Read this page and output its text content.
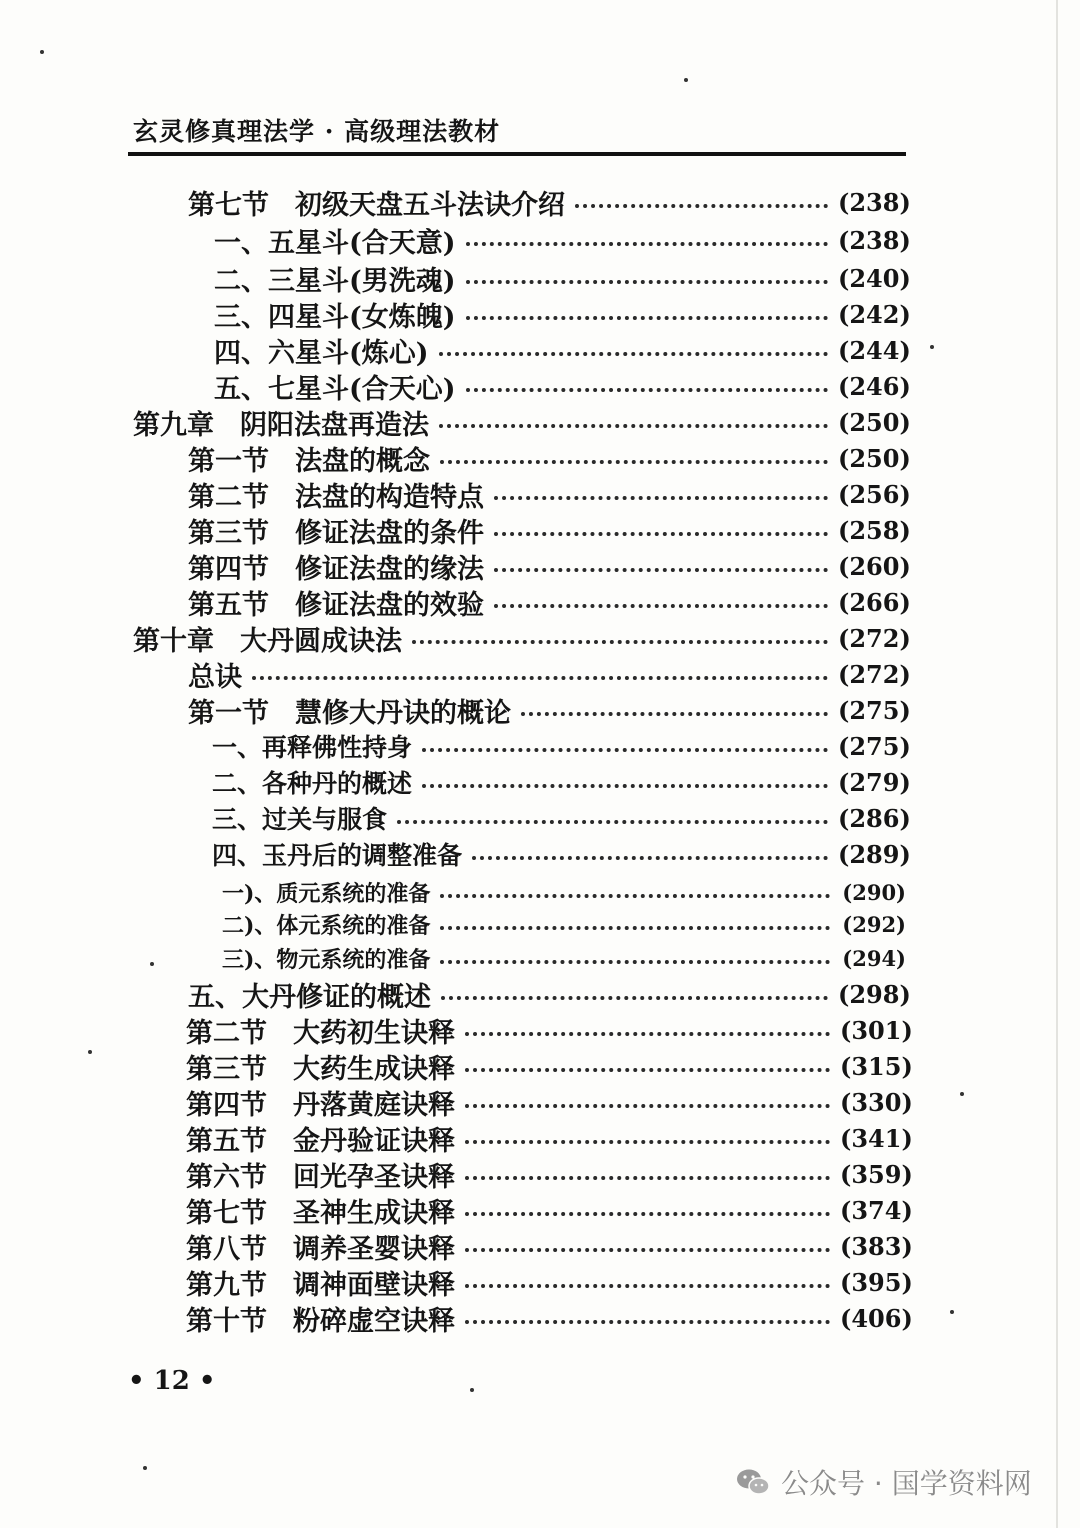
玄灵修真理法学 · 高级理法教材
第七节 初级天盘五斗法诀介绍	(238)
一、五星斗(合天意)	(238)
二、三星斗(男洗魂)	(240)
三、四星斗(女炼魄)	(242)
四、六星斗(炼心)	(244)
五、七星斗(合天心)	(246)
第九章 阴阳法盘再造法	(250)
第一节 法盘的概念	(250)
第二节 法盘的构造特点	(256)
第三节 修证法盘的条件	(258)
第四节 修证法盘的缘法	(260)
第五节 修证法盘的效验	(266)
第十章 大丹圆成诀法	(272)
总诀	(272)
第一节 慧修大丹诀的概论	(275)
一、再释佛性持身	(275)
二、各种丹的概述	(279)
三、过关与服食	(286)
四、玉丹后的调整准备	(289)
一)、质元系统的准备	(290)
二)、体元系统的准备	(292)
三)、物元系统的准备	(294)
五、大丹修证的概述	(298)
第二节 大药初生诀释	(301)
第三节 大药生成诀释	(315)
第四节 丹落黄庭诀释	(330)
第五节 金丹验证诀释	(341)
第六节 回光孕圣诀释	(359)
第七节 圣神生成诀释	(374)
第八节 调养圣婴诀释	(383)
第九节 调神面壁诀释	(395)
第十节 粉碎虚空诀释	(406)
• 12 •
公众号 · 国学资料网
